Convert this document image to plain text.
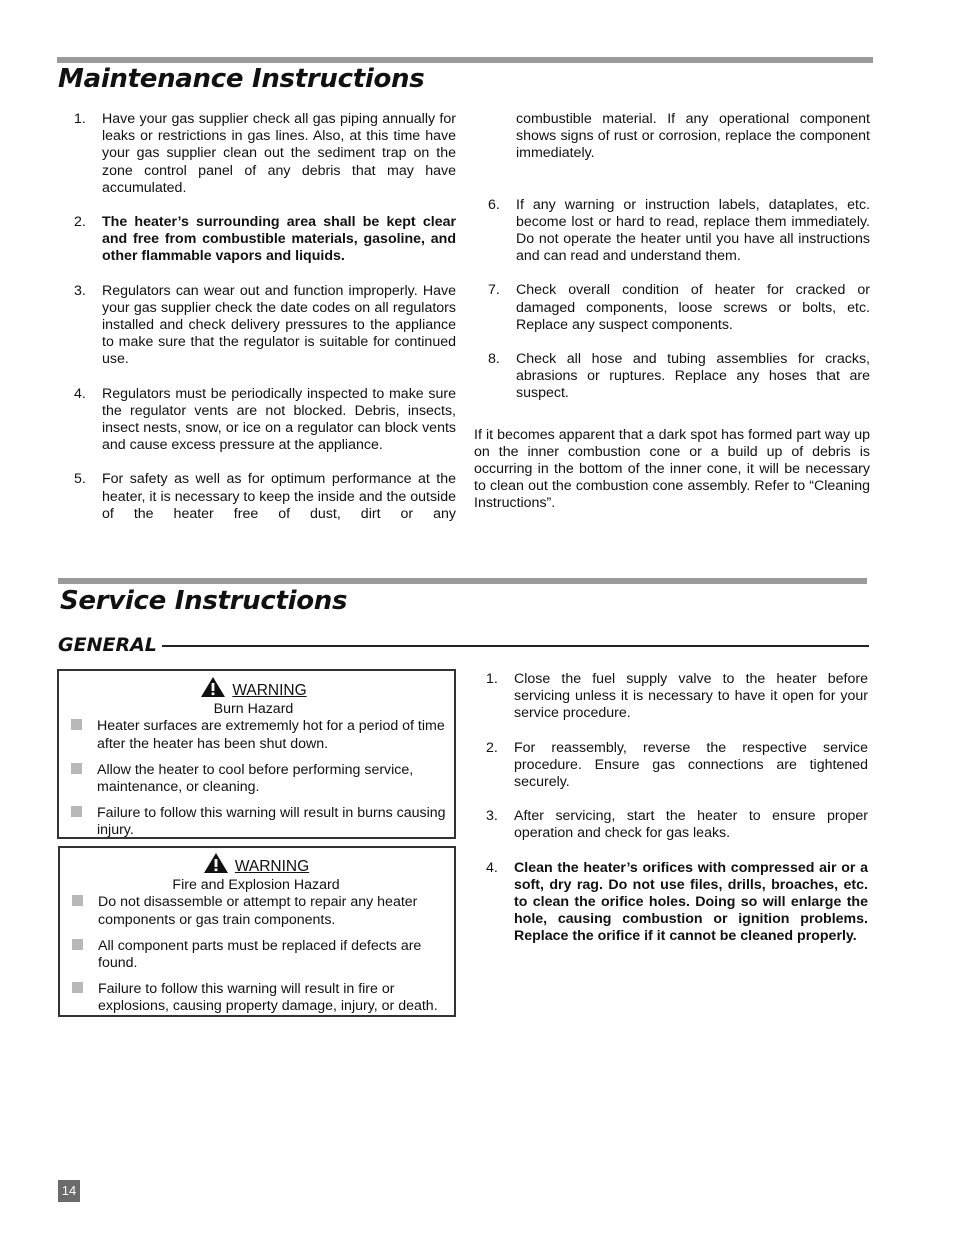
Maintenance Instructions
1. Have your gas supplier check all gas piping annually for leaks or restrictions in gas lines. Also, at this time have your gas supplier clean out the sediment trap on the zone control panel of any debris that may have accumulated.
2. The heater’s surrounding area shall be kept clear and free from combustible materials, gasoline, and other flammable vapors and liquids.
3. Regulators can wear out and function improperly. Have your gas supplier check the date codes on all regulators installed and check delivery pressures to the appliance to make sure that the regulator is suitable for continued use.
4. Regulators must be periodically inspected to make sure the regulator vents are not blocked. Debris, insects, insect nests, snow, or ice on a regulator can block vents and cause excess pressure at the appliance.
5. For safety as well as for optimum performance at the heater, it is necessary to keep the inside and the outside of the heater free of dust, dirt or any
combustible material. If any operational component shows signs of rust or corrosion, replace the component immediately.
6. If any warning or instruction labels, dataplates, etc. become lost or hard to read, replace them immediately. Do not operate the heater until you have all instructions and can read and understand them.
7. Check overall condition of heater for cracked or damaged components, loose screws or bolts, etc. Replace any suspect components.
8. Check all hose and tubing assemblies for cracks, abrasions or ruptures. Replace any hoses that are suspect.
If it becomes apparent that a dark spot has formed part way up on the inner combustion cone or a build up of debris is occurring in the bottom of the inner cone, it will be necessary to clean out the combustion cone assembly. Refer to “Cleaning Instructions”.
Service Instructions
GENERAL
WARNING
Burn Hazard
Heater surfaces are extrememly hot for a period of time after the heater has been shut down.
Allow the heater to cool before performing service, maintenance, or cleaning.
Failure to follow this warning will result in burns causing injury.
WARNING
Fire and Explosion Hazard
Do not disassemble or attempt to repair any heater components or gas train components.
All component parts must be replaced if defects are found.
Failure to follow this warning will result in fire or explosions, causing property damage, injury, or death.
1. Close the fuel supply valve to the heater before servicing unless it is necessary to have it open for your service procedure.
2. For reassembly, reverse the respective service procedure. Ensure gas connections are tightened securely.
3. After servicing, start the heater to ensure proper operation and check for gas leaks.
4. Clean the heater’s orifices with compressed air or a soft, dry rag. Do not use files, drills, broaches, etc. to clean the orifice holes. Doing so will enlarge the hole, causing combustion or ignition problems. Replace the orifice if it cannot be cleaned properly.
14
